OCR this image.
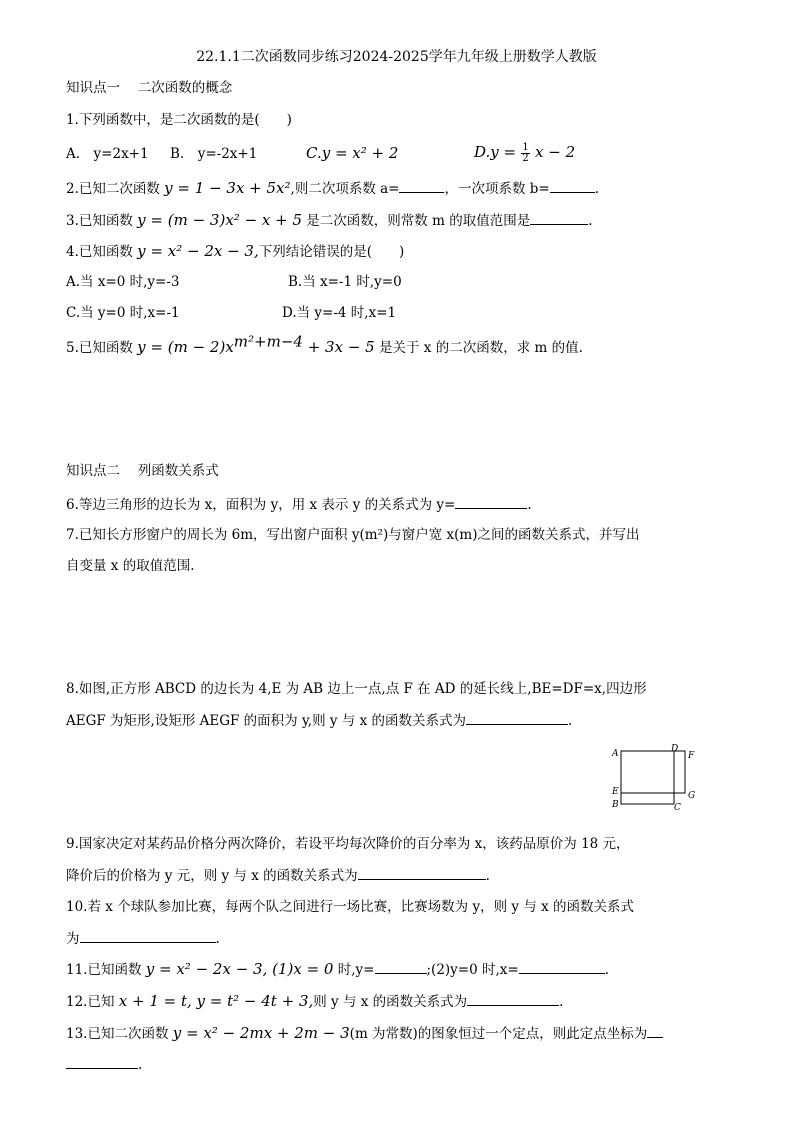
22.1.1二次函数同步练习2024-2025学年九年级上册数学人教版
知识点一　 二次函数的概念
1.下列函数中，是二次函数的是(　　)
A.　y=2x+1 B.　y=-2x+1	C.y = x² + 2	$D.y = \frac{1}{2}$ x − 2
2.已知二次函数 y = 1 − 3x + 5x²,则二次项系数 a=	，一次项系数 b=	.
3.已知函数 y = (m − 3)x² − x + 5 是二次函数，则常数 m 的取值范围是	.
4.已知函数 y = x² − 2x − 3,下列结论错误的是(　　)
A.当 x=0 时,y=-3	B.当 x=-1 时,y=0
C.当 y=0 时,x=-1	D.当 y=-4 时,x=1
5.已知函数 $y = (m - 2)x^{m^2+m-4} + 3x - 5$ 是关于 x 的二次函数，求 m 的值.
知识点二　 列函数关系式
6.等边三角形的边长为 x，面积为 y，用 x 表示 y 的关系式为 y=	.
7.已知长方形窗户的周长为 6m，写出窗户面积 y(m²)与窗户宽 x(m)之间的函数关系式，并写出
自变量 x 的取值范围.
8.如图,正方形 ABCD 的边长为 4,E 为 AB 边上一点,点 F 在 AD 的延长线上,BE=DF=x,四边形
AEGF 为矩形,设矩形 AEGF 的面积为 y,则 y 与 x 的函数关系式为	.
A	D
F
E	G
B	C
9.国家决定对某药品价格分两次降价，若设平均每次降价的百分率为 x，该药品原价为 18 元，
降价后的价格为 y 元，则 y 与 x 的函数关系式为	.
10.若 x 个球队参加比赛，每两个队之间进行一场比赛，比赛场数为 y，则 y 与 x 的函数关系式
为	.
11.已知函数 y = x² − 2x − 3, (1)x = 0 时,y=	;(2)y=0 时,x=	.
12.已知 x + 1 = t, y = t² − 4t + 3,则 y 与 x 的函数关系式为	.
13.已知二次函数 y = x² − 2mx + 2m − 3(m 为常数)的图象恒过一个定点，则此定点坐标为
.
